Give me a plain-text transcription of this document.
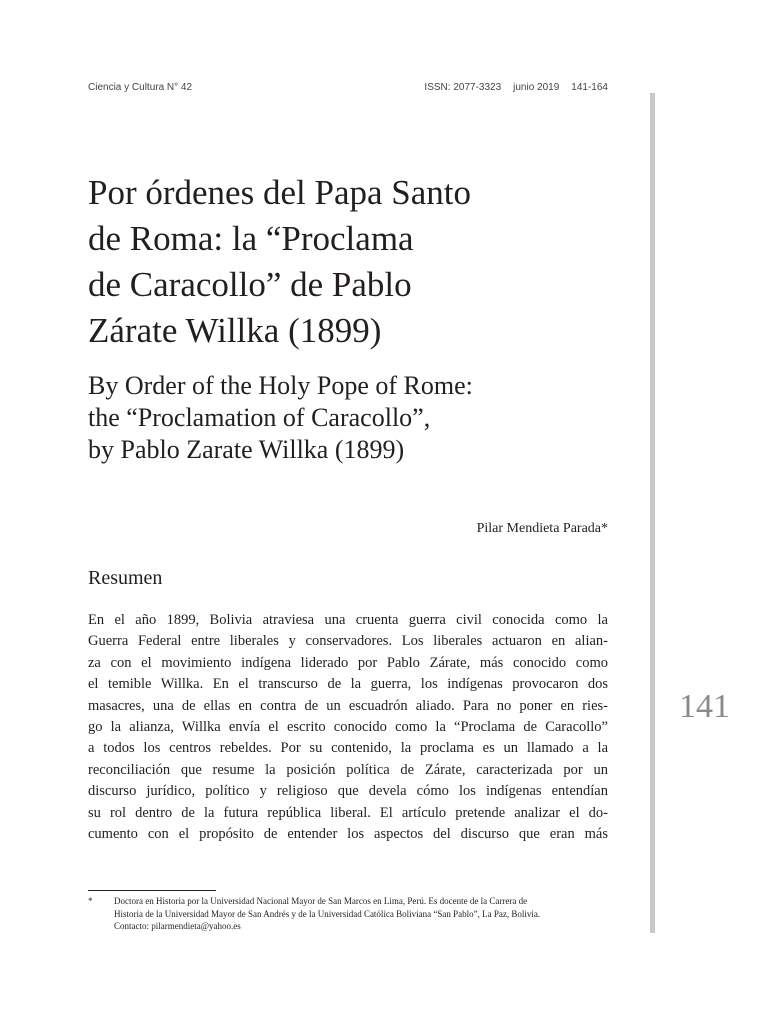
Ciencia y Cultura N° 42	ISSN: 2077-3323 junio 2019 141-164
141
Por órdenes del Papa Santo
de Roma: la “Proclama
de Caracollo” de Pablo
Zárate Willka (1899)
By Order of the Holy Pope of Rome:
the “Proclamation of Caracollo”,
by Pablo Zarate Willka (1899)
Pilar Mendieta Parada*
Resumen

En el año 1899, Bolivia atraviesa una cruenta guerra civil conocida como la
Guerra Federal entre liberales y conservadores. Los liberales actuaron en alian-
za con el movimiento indígena liderado por Pablo Zárate, más conocido como
el temible Willka. En el transcurso de la guerra, los indígenas provocaron dos
masacres, una de ellas en contra de un escuadrón aliado. Para no poner en ries-
go la alianza, Willka envía el escrito conocido como la “Proclama de Caracollo”
a todos los centros rebeldes. Por su contenido, la proclama es un llamado a la
reconciliación que resume la posición política de Zárate, caracterizada por un
discurso jurídico, político y religioso que devela cómo los indígenas entendían
su rol dentro de la futura república liberal. El artículo pretende analizar el do-
cumento con el propósito de entender los aspectos del discurso que eran más

* Doctora en Historia por la Universidad Nacional Mayor de San Marcos en Lima, Perú. Es docente de la Carrera de
Historia de la Universidad Mayor de San Andrés y de la Universidad Católica Boliviana “San Pablo”, La Paz, Bolivia.
Contacto: pilarmendieta@yahoo.es
